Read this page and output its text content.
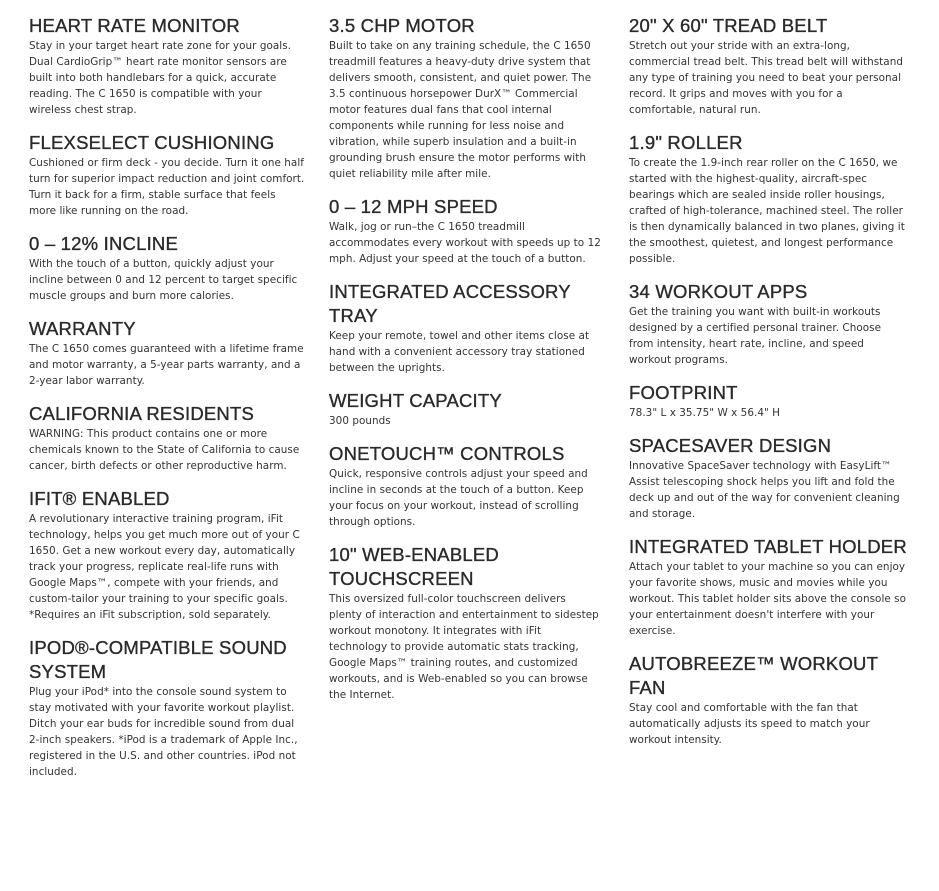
HEART RATE MONITOR

Stay in your target heart rate zone for your goals. Dual CardioGrip™ heart rate monitor sensors are built into both handlebars for a quick, accurate reading. The C 1650 is compatible with your wireless chest strap.

FLEXSELECT CUSHIONING

Cushioned or firm deck - you decide. Turn it one half turn for superior impact reduction and joint comfort. Turn it back for a firm, stable surface that feels more like running on the road.

0 – 12% INCLINE

With the touch of a button, quickly adjust your incline between 0 and 12 percent to target specific muscle groups and burn more calories.

WARRANTY

The C 1650 comes guaranteed with a lifetime frame and motor warranty, a 5-year parts warranty, and a 2-year labor warranty.

CALIFORNIA RESIDENTS

WARNING: This product contains one or more chemicals known to the State of California to cause cancer, birth defects or other reproductive harm.

IFIT® ENABLED

A revolutionary interactive training program, iFit technology, helps you get much more out of your C 1650. Get a new workout every day, automatically track your progress, replicate real-life runs with Google Maps™, compete with your friends, and custom-tailor your training to your specific goals. *Requires an iFit subscription, sold separately.

IPOD®-COMPATIBLE SOUND SYSTEM

Plug your iPod* into the console sound system to stay motivated with your favorite workout playlist. Ditch your ear buds for incredible sound from dual 2-inch speakers. *iPod is a trademark of Apple Inc., registered in the U.S. and other countries. iPod not included.

3.5 CHP MOTOR

Built to take on any training schedule, the C 1650 treadmill features a heavy-duty drive system that delivers smooth, consistent, and quiet power. The 3.5 continuous horsepower DurX™ Commercial motor features dual fans that cool internal components while running for less noise and vibration, while superb insulation and a built-in grounding brush ensure the motor performs with quiet reliability mile after mile.

0 – 12 MPH SPEED

Walk, jog or run–the C 1650 treadmill accommodates every workout with speeds up to 12 mph. Adjust your speed at the touch of a button.

INTEGRATED ACCESSORY TRAY

Keep your remote, towel and other items close at hand with a convenient accessory tray stationed between the uprights.

WEIGHT CAPACITY

300 pounds

ONETOUCH™ CONTROLS

Quick, responsive controls adjust your speed and incline in seconds at the touch of a button. Keep your focus on your workout, instead of scrolling through options.

10" WEB-ENABLED TOUCHSCREEN

This oversized full-color touchscreen delivers plenty of interaction and entertainment to sidestep workout monotony. It integrates with iFit technology to provide automatic stats tracking, Google Maps™ training routes, and customized workouts, and is Web-enabled so you can browse the Internet.

20" X 60" TREAD BELT

Stretch out your stride with an extra-long, commercial tread belt. This tread belt will withstand any type of training you need to beat your personal record. It grips and moves with you for a comfortable, natural run.

1.9" ROLLER

To create the 1.9-inch rear roller on the C 1650, we started with the highest-quality, aircraft-spec bearings which are sealed inside roller housings, crafted of high-tolerance, machined steel. The roller is then dynamically balanced in two planes, giving it the smoothest, quietest, and longest performance possible.

34 WORKOUT APPS

Get the training you want with built-in workouts designed by a certified personal trainer. Choose from intensity, heart rate, incline, and speed workout programs.

FOOTPRINT

78.3" L x 35.75" W x 56.4" H

SPACESAVER DESIGN

Innovative SpaceSaver technology with EasyLift™ Assist telescoping shock helps you lift and fold the deck up and out of the way for convenient cleaning and storage.

INTEGRATED TABLET HOLDER

Attach your tablet to your machine so you can enjoy your favorite shows, music and movies while you workout. This tablet holder sits above the console so your entertainment doesn't interfere with your exercise.

AUTOBREEZE™ WORKOUT FAN

Stay cool and comfortable with the fan that automatically adjusts its speed to match your workout intensity.
